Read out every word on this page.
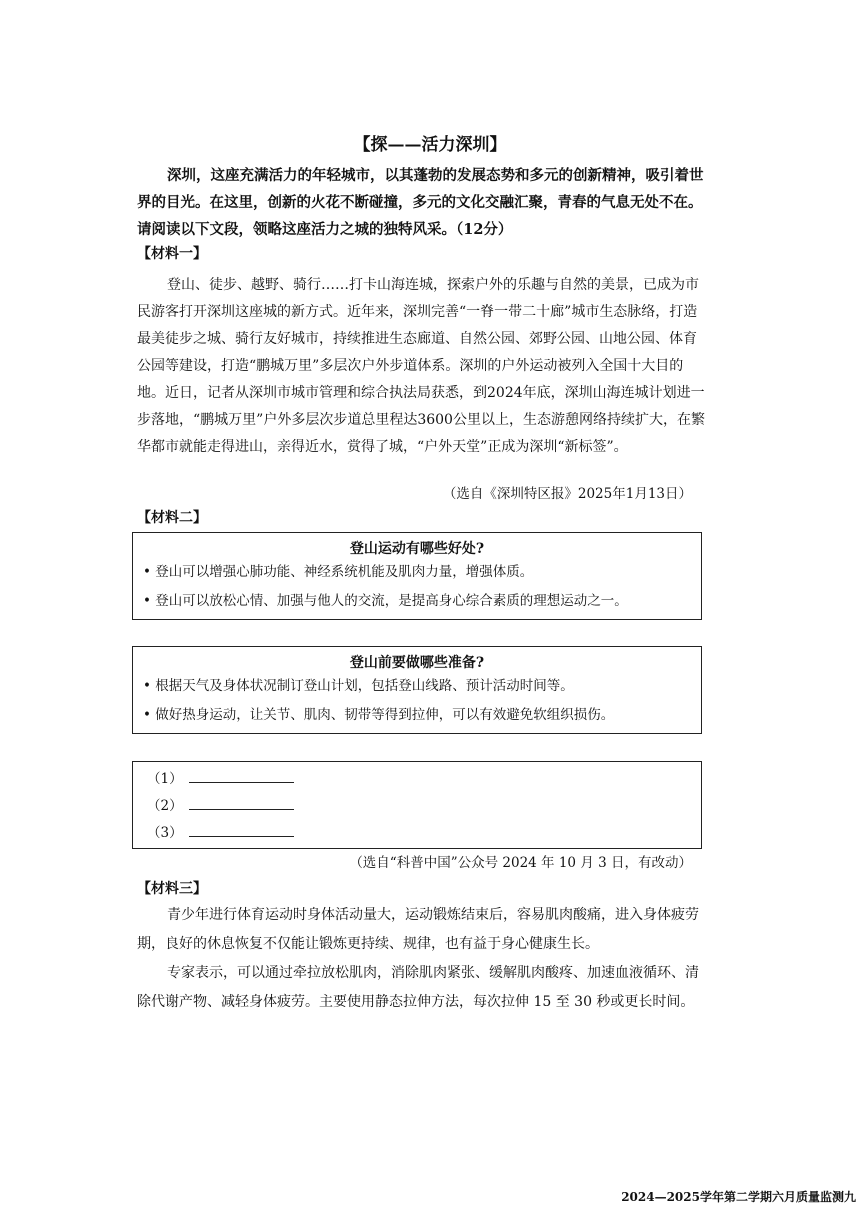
【探——活力深圳】
深圳，这座充满活力的年轻城市，以其蓬勃的发展态势和多元的创新精神，吸引着世界的目光。在这里，创新的火花不断碰撞，多元的文化交融汇聚，青春的气息无处不在。请阅读以下文段，领略这座活力之城的独特风采。（12分）
【材料一】
登山、徒步、越野、骑行……打卡山海连城，探索户外的乐趣与自然的美景，已成为市民游客打开深圳这座城的新方式。近年来，深圳完善“一脊一带二十廊”城市生态脉络，打造最美徒步之城、骑行友好城市，持续推进生态廊道、自然公园、郊野公园、山地公园、体育公园等建设，打造“鹏城万里”多层次户外步道体系。深圳的户外运动被列入全国十大目的地。近日，记者从深圳市城市管理和综合执法局获悉，到2024年底，深圳山海连城计划进一步落地，“鹏城万里”户外多层次步道总里程达3600公里以上，生态游憩网络持续扩大，在繁华都市就能走得进山，亲得近水，赏得了城，“户外天堂”正成为深圳“新标签”。
（选自《深圳特区报》2025年1月13日）
【材料二】
登山运动有哪些好处?
• 登山可以增强心肺功能、神经系统机能及肌肉力量，增强体质。
• 登山可以放松心情、加强与他人的交流，是提高身心综合素质的理想运动之一。
登山前要做哪些准备?
• 根据天气及身体状况制订登山计划，包括登山线路、预计活动时间等。
• 做好热身运动，让关节、肌肉、韧带等得到拉伸，可以有效避免软组织损伤。
（1）
（2）
（3）
（选自“科普中国”公众号 2024 年 10 月 3 日，有改动）
【材料三】
青少年进行体育运动时身体活动量大，运动锻炼结束后，容易肌肉酸痛，进入身体疲劳期，良好的休息恢复不仅能让锻炼更持续、规律，也有益于身心健康生长。
专家表示，可以通过牵拉放松肌肉，消除肌肉紧张、缓解肌肉酸疼、加速血液循环、清除代谢产物、减轻身体疲劳。主要使用静态拉伸方法，每次拉伸 15 至 30 秒或更长时间。
2024—2025学年第二学期六月质量监测九
